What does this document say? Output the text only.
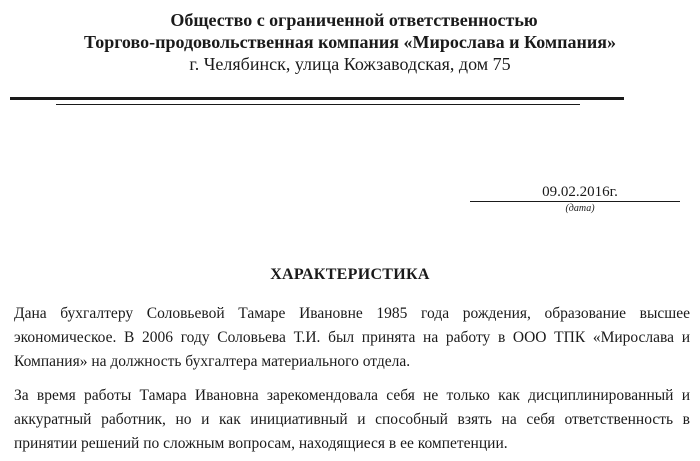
Общество с ограниченной ответственностью
Торгово-продовольственная компания «Мирослава и Компания»
г. Челябинск, улица Кожзаводская, дом 75
09.02.2016г.
(дата)
ХАРАКТЕРИСТИКА
Дана бухгалтеру Соловьевой Тамаре Ивановне 1985 года рождения, образование высшее
экономическое. В 2006 году Соловьева Т.И. был принята на работу в ООО ТПК «Мирослава и
Компания» на должность бухгалтера материального отдела.
За время работы Тамара Ивановна зарекомендовала себя не только как дисциплинированный и
аккуратный работник, но и как инициативный и способный взять на себя ответственность в
принятии решений по сложным вопросам, находящиеся в ее компетенции.
